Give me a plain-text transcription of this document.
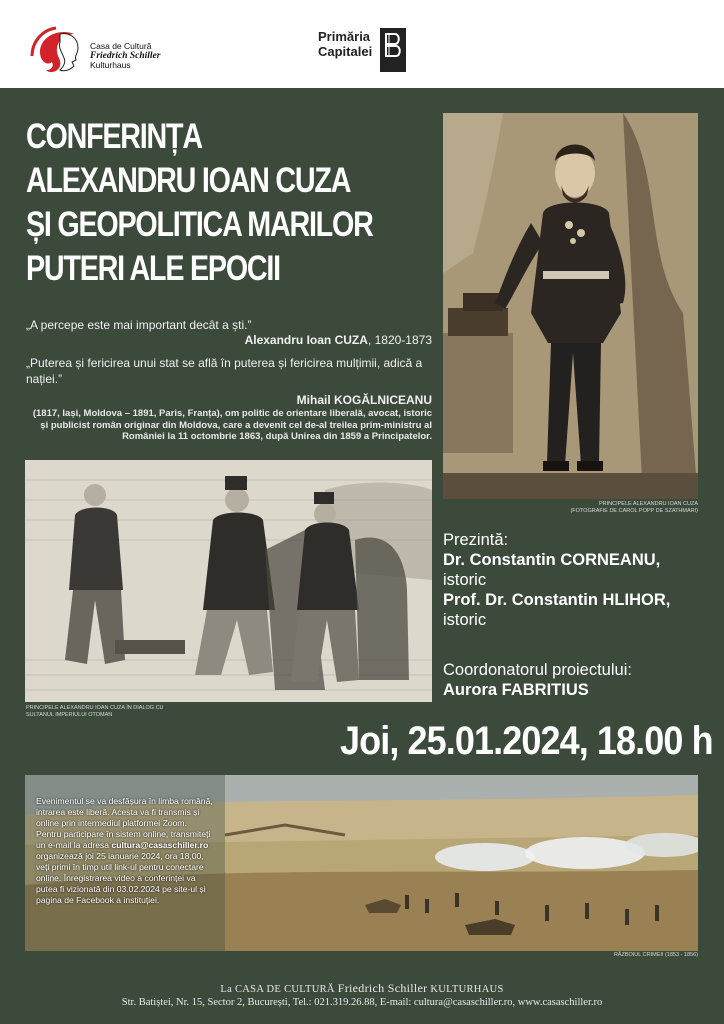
Casa de Cultură
Friedrich Schiller
Kulturhaus
Primăria
Capitalei
CONFERINȚA
ALEXANDRU IOAN CUZA
ȘI GEOPOLITICA MARILOR
PUTERI ALE EPOCII
„A percepe este mai important decât a ști.”
Alexandru Ioan CUZA, 1820-1873
„Puterea și fericirea unui stat se află în puterea și fericirea mulțimii, adică a nației.”
Mihail KOGĂLNICEANU
(1817, Iași, Moldova – 1891, Paris, Franța), om politic de orientare liberală, avocat, istoric și publicist român originar din Moldova, care a devenit cel de-al treilea prim-ministru al României la 11 octombrie 1863, după Unirea din 1859 a Principatelor.
PRINCIPELE ALEXANDRU IOAN CUZA
(FOTOGRAFIE DE CAROL POPP DE SZATHMARI)
PRINCIPELE ALEXANDRU IOAN CUZA ÎN DIALOG CU
SULTANUL IMPERIULUI OTOMAN
Prezintă:
Dr. Constantin CORNEANU,
istoric
Prof. Dr. Constantin HLIHOR,
istoric
Coordonatorul proiectului:
Aurora FABRITIUS
Joi, 25.01.2024, 18.00 h
Evenimentul se va desfășura în limba română, intrarea este liberă. Acesta va fi transmis și online prin intermediul platformei Zoom. Pentru participare în sistem online, transmiteți un e-mail la adresa cultura@casaschiller.ro organizează joi 25 ianuarie 2024, ora 18,00, veți primi în timp util link-ul pentru conectare online. Înregistrarea video a conferinței va putea fi vizionată din 03.02.2024 pe site-ul și pagina de Facebook a instituției.
RĂZBOIUL CRIMEII (1853 - 1856)
La CASA DE CULTURĂ Friedrich Schiller KULTURHAUS
Str. Batiștei, Nr. 15, Sector 2, București, Tel.: 021.319.26.88, E-mail: cultura@casaschiller.ro, www.casaschiller.ro
